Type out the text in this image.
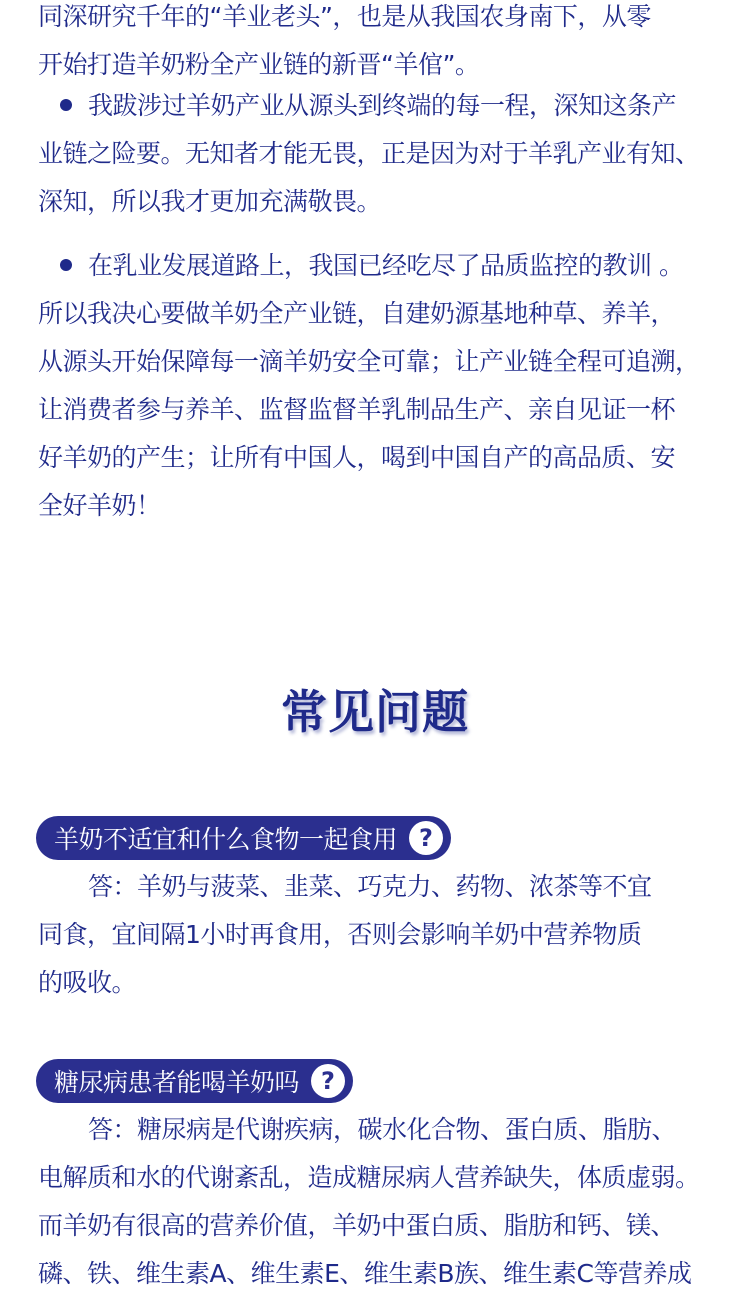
同深研究千年的“羊业老头”，也是从我国农身南下，从零
开始打造羊奶粉全产业链的新晋“羊倌”。
我跋涉过羊奶产业从源头到终端的每一程，深知这条产
业链之险要。无知者才能无畏，正是因为对于羊乳产业有知、
深知，所以我才更加充满敬畏。
在乳业发展道路上，我国已经吃尽了品质监控的教训 。
所以我决心要做羊奶全产业链，自建奶源基地种草、养羊，
从源头开始保障每一滴羊奶安全可靠；让产业链全程可追溯，
让消费者参与养羊、监督监督羊乳制品生产、亲自见证一杯
好羊奶的产生；让所有中国人，喝到中国自产的高品质、安
全好羊奶！
常见问题
羊奶不适宜和什么食物一起食用 ?
答：羊奶与菠菜、韭菜、巧克力、药物、浓茶等不宜
同食，宜间隔1小时再食用，否则会影响羊奶中营养物质
的吸收。
糖尿病患者能喝羊奶吗 ?
答：糖尿病是代谢疾病，碳水化合物、蛋白质、脂肪、
电解质和水的代谢紊乱，造成糖尿病人营养缺失，体质虚弱。
而羊奶有很高的营养价值，羊奶中蛋白质、脂肪和钙、镁、
磷、铁、维生素A、维生素E、维生素B族、维生素C等营养成
